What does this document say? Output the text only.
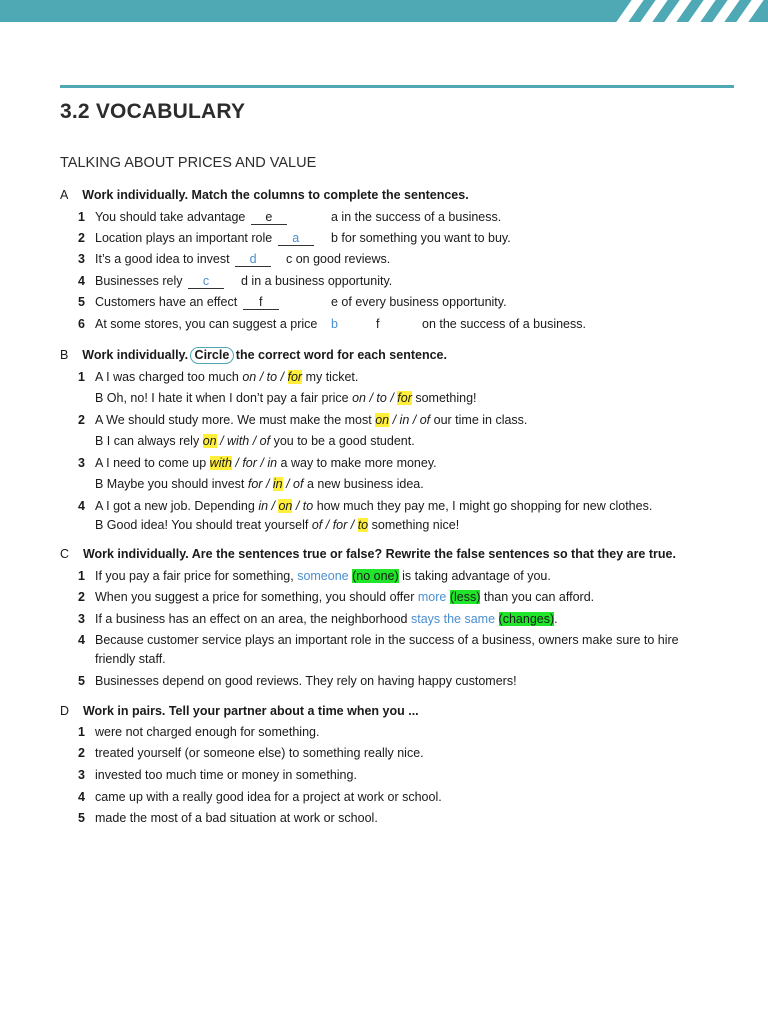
3.2 VOCABULARY
TALKING ABOUT PRICES AND VALUE
A Work individually. Match the columns to complete the sentences.
1 You should take advantage e	a in the success of a business.
2 Location plays an important role a	b for something you want to buy.
3 It’s a good idea to invest d	c on good reviews.
4 Businesses rely c	d in a business opportunity.
5 Customers have an effect f	e of every business opportunity.
6 At some stores, you can suggest a price b	f	on the success of a business.
B Work individually. Circle the correct word for each sentence.
1 A I was charged too much on / to / for my ticket.
B Oh, no! I hate it when I don’t pay a fair price on / to / for something!
2 A We should study more. We must make the most on / in / of our time in class.
B I can always rely on / with / of you to be a good student.
3 A I need to come up with / for / in a way to make more money.
B Maybe you should invest for / in / of a new business idea.
4 A I got a new job. Depending in / on / to how much they pay me, I might go shopping for new clothes.
B Good idea! You should treat yourself of / for / to something nice!
C Work individually. Are the sentences true or false? Rewrite the false sentences so that they are true.
1 If you pay a fair price for something, someone (no one) is taking advantage of you.
2 When you suggest a price for something, you should offer more (less) than you can afford.
3 If a business has an effect on an area, the neighborhood stays the same (changes).
4 Because customer service plays an important role in the success of a business, owners make sure to hire
friendly staff.
5 Businesses depend on good reviews. They rely on having happy customers!
D Work in pairs. Tell your partner about a time when you ...
1 were not charged enough for something.
2 treated yourself (or someone else) to something really nice.
3 invested too much time or money in something.
4 came up with a really good idea for a project at work or school.
5 made the most of a bad situation at work or school.
